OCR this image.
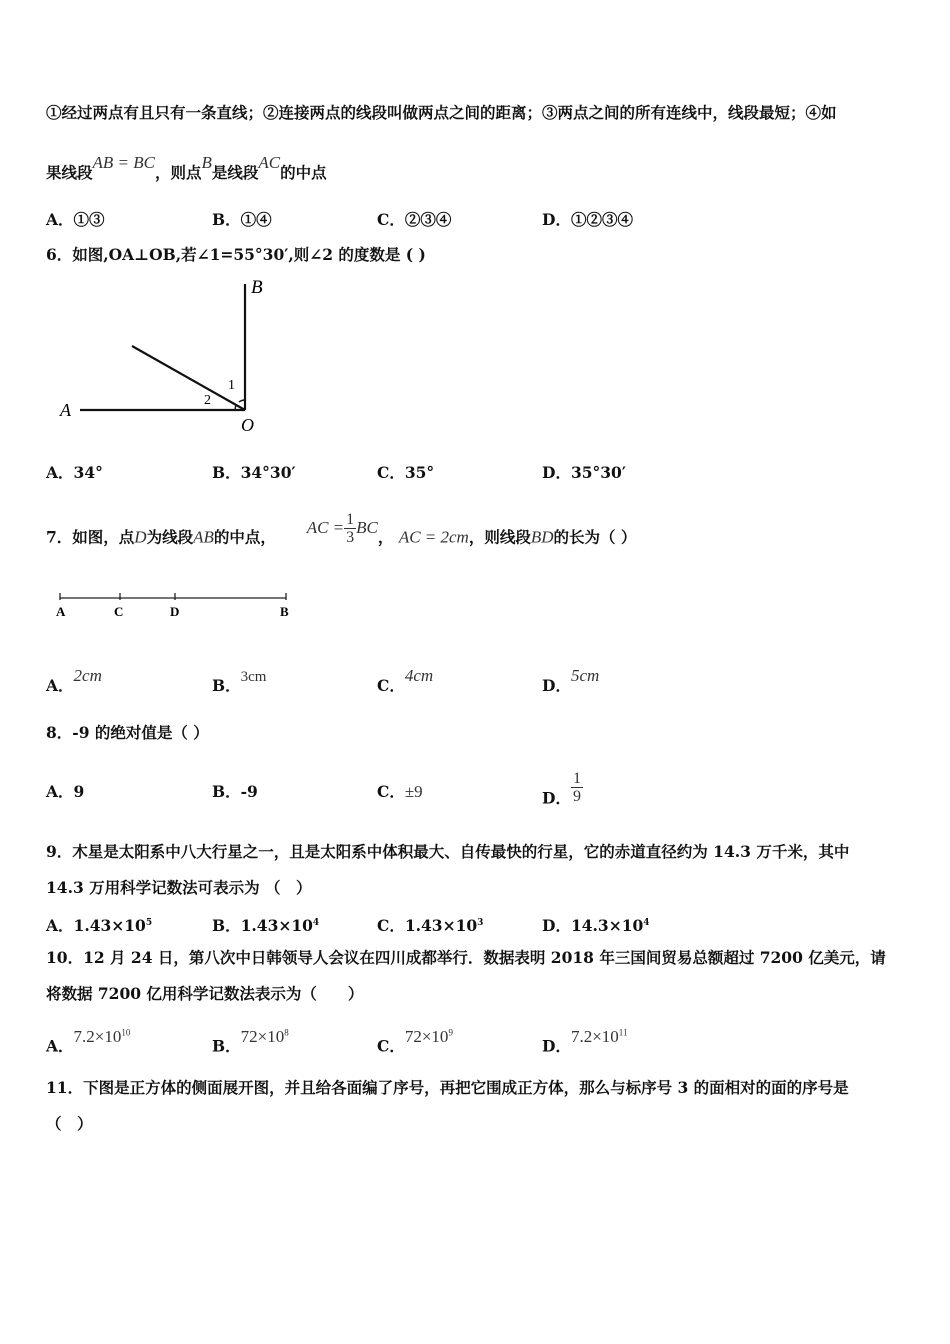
①经过两点有且只有一条直线；②连接两点的线段叫做两点之间的距离；③两点之间的所有连线中，线段最短；④如
果线段AB = BC，则点B是线段AC的中点
A．①③	B．①④	C．②③④	D．①②③④
6．如图,OA⊥OB,若∠1=55°30′,则∠2 的度数是 ( )
B
A
O
1
2
A．34°	B．34°30′	C．35°	D．35°30′
7．如图，点D为线段AB的中点，  AC = $\frac{1}{3}$ BC， AC = 2cm，则线段BD的长为（ ）
A	C	D	B
A．2cm
B．3cm	C．4cm
D．5cm
8．-9 的绝对值是（ ）
A．9	B．-9	C．±9	D． $\frac{1}{9}$
9．木星是太阳系中八大行星之一，且是太阳系中体积最大、自传最快的行星，它的赤道直径约为 14.3 万千米，其中
14.3 万用科学记数法可表示为 （　）
A．$1.43\times 10^5$	B．$1.43\times 10^4$	C．$1.43\times 10^3$	D．$14.3\times 10^4$
10．12 月 24 日，第八次中日韩领导人会议在四川成都举行．数据表明 2018 年三国间贸易总额超过 7200 亿美元，请
将数据 7200 亿用科学记数法表示为（　　）
A．$7.2\times 10^{10}$
B．$72\times 10^8$
C．$72\times 10^9$
D．$7.2\times 10^{11}$
11．下图是正方体的侧面展开图，并且给各面编了序号，再把它围成正方体，那么与标序号 3 的面相对的面的序号是
（　）
